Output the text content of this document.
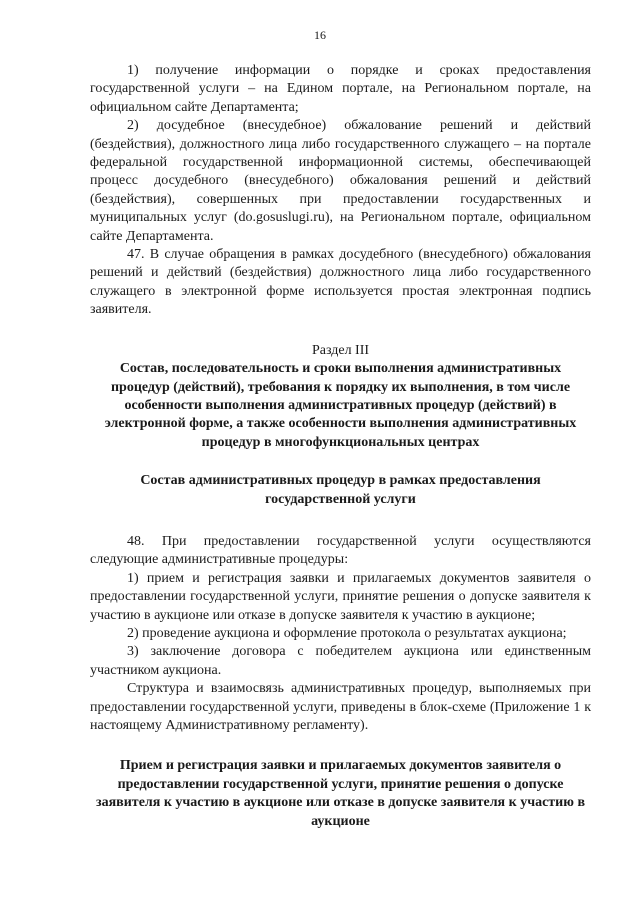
16

1) получение информации о порядке и сроках предоставления государственной услуги – на Едином портале, на Региональном портале, на официальном сайте Департамента;

2) досудебное (внесудебное) обжалование решений и действий (бездействия), должностного лица либо государственного служащего – на портале федеральной государственной информационной системы, обеспечивающей процесс досудебного (внесудебного) обжалования решений и действий (бездействия), совершенных при предоставлении государственных и муниципальных услуг (do.gosuslugi.ru), на Региональном портале, официальном сайте Департамента.

47. В случае обращения в рамках досудебного (внесудебного) обжалования решений и действий (бездействия) должностного лица либо государственного служащего в электронной форме используется простая электронная подпись заявителя.

Раздел III

Состав, последовательность и сроки выполнения административных процедур (действий), требования к порядку их выполнения, в том числе особенности выполнения административных процедур (действий) в электронной форме, а также особенности выполнения административных процедур в многофункциональных центрах

Состав административных процедур в рамках предоставления государственной услуги

48. При предоставлении государственной услуги осуществляются следующие административные процедуры:

1) прием и регистрация заявки и прилагаемых документов заявителя о предоставлении государственной услуги, принятие решения о допуске заявителя к участию в аукционе или отказе в допуске заявителя к участию в аукционе;

2) проведение аукциона и оформление протокола о результатах аукциона;

3) заключение договора с победителем аукциона или единственным участником аукциона.

Структура и взаимосвязь административных процедур, выполняемых при предоставлении государственной услуги, приведены в блок-схеме (Приложение 1 к настоящему Административному регламенту).

Прием и регистрация заявки и прилагаемых документов заявителя о предоставлении государственной услуги, принятие решения о допуске заявителя к участию в аукционе или отказе в допуске заявителя к участию в аукционе
